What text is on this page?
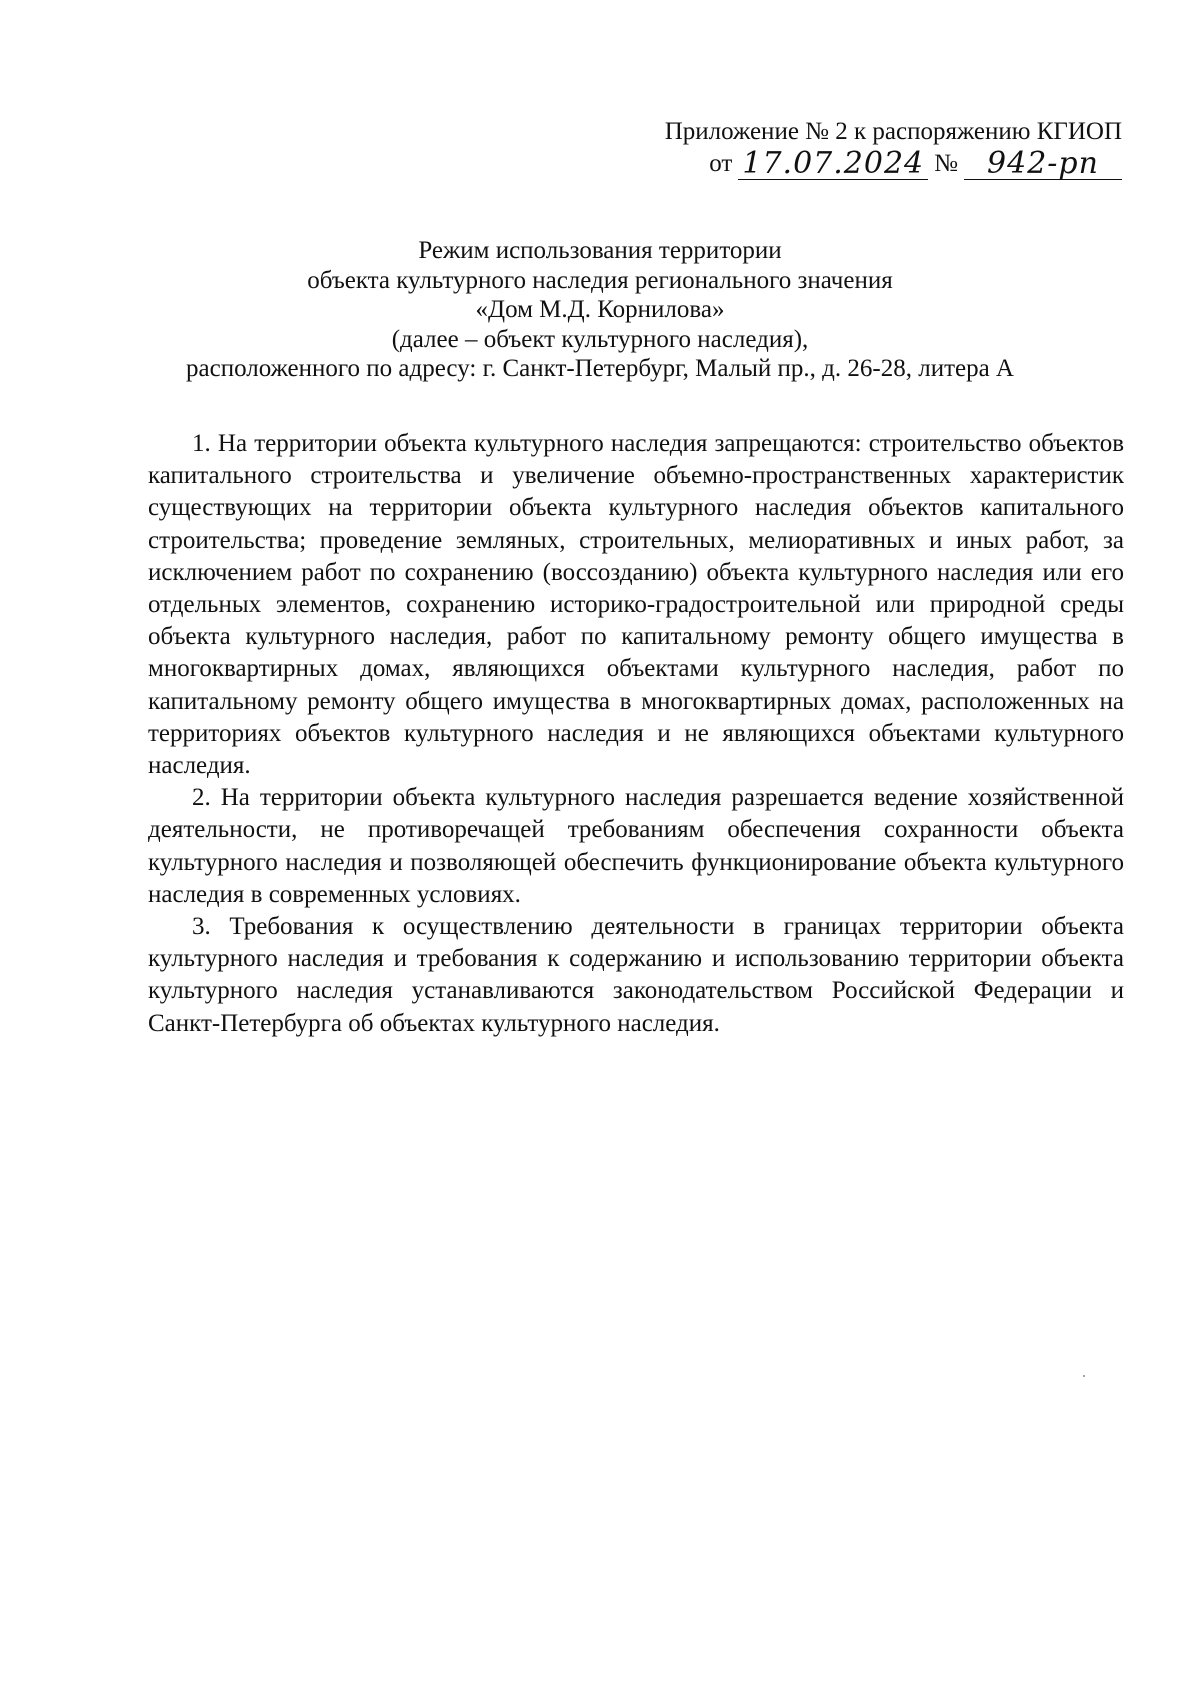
Приложение № 2 к распоряжению КГИОП
от 17.07.2024 № 942-рп
Режим использования территории
объекта культурного наследия регионального значения
«Дом М.Д. Корнилова»
(далее – объект культурного наследия),
расположенного по адресу: г. Санкт-Петербург, Малый пр., д. 26-28, литера А

1. На территории объекта культурного наследия запрещаются: строительство объектов капитального строительства и увеличение объемно-пространственных характеристик существующих на территории объекта культурного наследия объектов капитального строительства; проведение земляных, строительных, мелиоративных и иных работ, за исключением работ по сохранению (воссозданию) объекта культурного наследия или его отдельных элементов, сохранению историко-градостроительной или природной среды объекта культурного наследия, работ по капитальному ремонту общего имущества в многоквартирных домах, являющихся объектами культурного наследия, работ по капитальному ремонту общего имущества в многоквартирных домах, расположенных на территориях объектов культурного наследия и не являющихся объектами культурного наследия.

2. На территории объекта культурного наследия разрешается ведение хозяйственной деятельности, не противоречащей требованиям обеспечения сохранности объекта культурного наследия и позволяющей обеспечить функционирование объекта культурного наследия в современных условиях.

3. Требования к осуществлению деятельности в границах территории объекта культурного наследия и требования к содержанию и использованию территории объекта культурного наследия устанавливаются законодательством Российской Федерации и Санкт-Петербурга об объектах культурного наследия.
